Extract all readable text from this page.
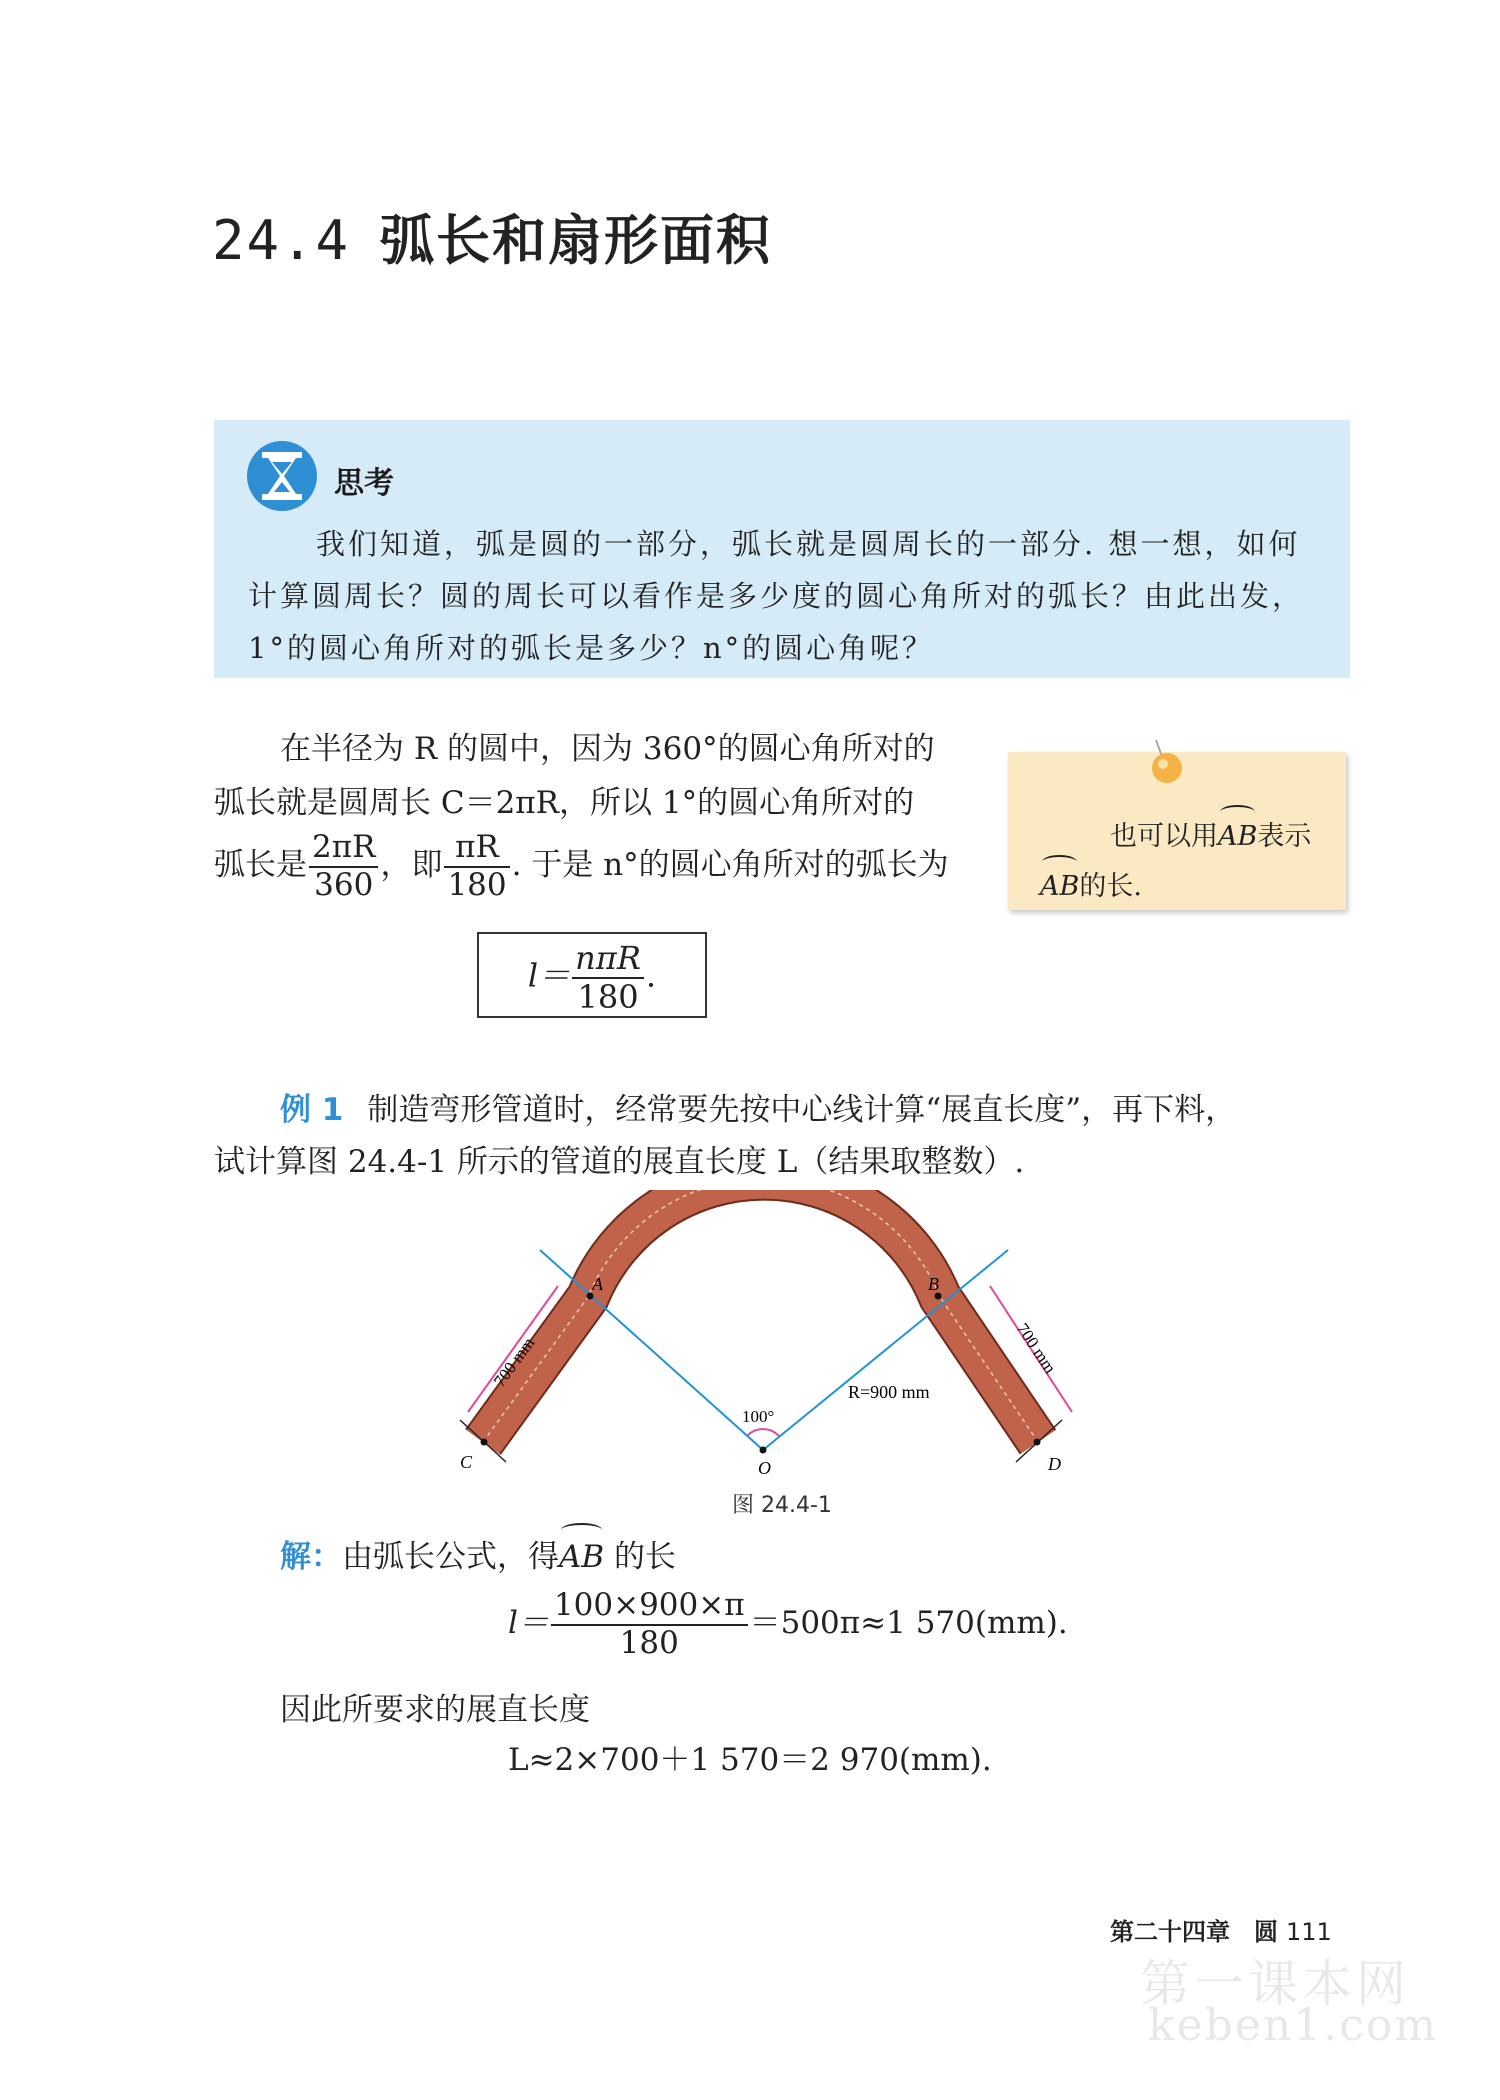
24.4 弧长和扇形面积
思考
我们知道，弧是圆的一部分，弧长就是圆周长的一部分. 想一想，如何计算圆周长？圆的周长可以看作是多少度的圆心角所对的弧长？由此出发，1°的圆心角所对的弧长是多少？n°的圆心角呢？
在半径为 R 的圆中，因为 360°的圆心角所对的
弧长就是圆周长 C＝2πR，所以 1°的圆心角所对的
弧长是 $\frac{2\pi R}{360}$ ，即 $\frac{\pi R}{180}$ . 于是 n°的圆心角所对的弧长为
也可以用AB表示AB的长.
$l= \frac{\text{nπR}}{180}$ .
例 1 制造弯形管道时，经常要先按中心线计算“展直长度”，再下料，
试计算图 24.4-1 所示的管道的展直长度 L（结果取整数）.
A	B
C	D
O
100°
R=900 mm
700 mm	700 mm
图 24.4-1
解：由弧长公式，得AB 的长
$l= \frac{100\times 900\times\pi}{180} =500\pi\approx 1$ 570(mm).
因此所要求的展直长度
L≈2×700＋1 570＝2 970(mm).
第二十四章　圆 111
第一课本网
keben1.com
